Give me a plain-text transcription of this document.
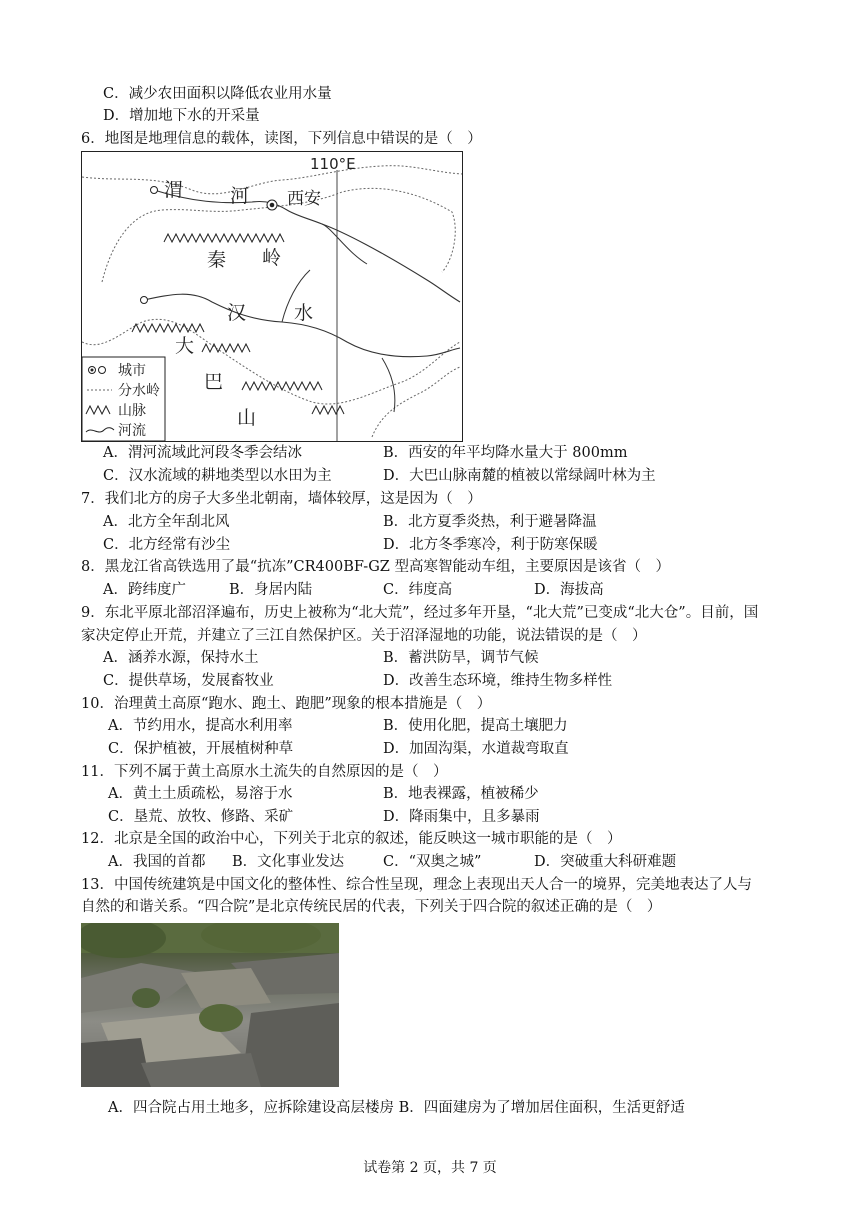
C．减少农田面积以降低农业用水量
D．增加地下水的开采量
6．地图是地理信息的载体，读图，下列信息中错误的是（　）
110°E
渭 河 西安
秦 岭
汉	水
大
巴
山
城市
分水岭
山脉
河流
A．渭河流域此河段冬季会结冰	B．西安的年平均降水量大于 800mm
C．汉水流域的耕地类型以水田为主	D．大巴山脉南麓的植被以常绿阔叶林为主
7．我们北方的房子大多坐北朝南，墙体较厚，这是因为（　）
A．北方全年刮北风	B．北方夏季炎热，利于避暑降温
C．北方经常有沙尘	D．北方冬季寒冷，利于防寒保暖
8．黑龙江省高铁选用了最“抗冻”CR400BF-GZ 型高寒智能动车组，主要原因是该省（　）
A．跨纬度广	B．身居内陆	C．纬度高	D．海拔高
9．东北平原北部沼泽遍布，历史上被称为“北大荒”，经过多年开垦，“北大荒”已变成“北大仓”。目前，国
家决定停止开荒，并建立了三江自然保护区。关于沼泽湿地的功能，说法错误的是（　）
A．涵养水源，保持水土	B．蓄洪防旱，调节气候
C．提供草场，发展畜牧业	D．改善生态环境，维持生物多样性
10．治理黄土高原“跑水、跑土、跑肥”现象的根本措施是（　）
A．节约用水，提高水利用率	B．使用化肥，提高土壤肥力
C．保护植被，开展植树种草	D．加固沟渠，水道裁弯取直
11．下列不属于黄土高原水土流失的自然原因的是（　）
A．黄土土质疏松，易溶于水	B．地表裸露，植被稀少
C．垦荒、放牧、修路、采矿	D．降雨集中，且多暴雨
12．北京是全国的政治中心，下列关于北京的叙述，能反映这一城市职能的是（　）
A．我国的首都 B．文化事业发达	C．“双奥之城”	D．突破重大科研难题
13．中国传统建筑是中国文化的整体性、综合性呈现，理念上表现出天人合一的境界，完美地表达了人与
自然的和谐关系。“四合院”是北京传统民居的代表，下列关于四合院的叙述正确的是（　）
A．四合院占用土地多，应拆除建设高层楼房 B．四面建房为了增加居住面积，生活更舒适
试卷第 2 页，共 7 页
